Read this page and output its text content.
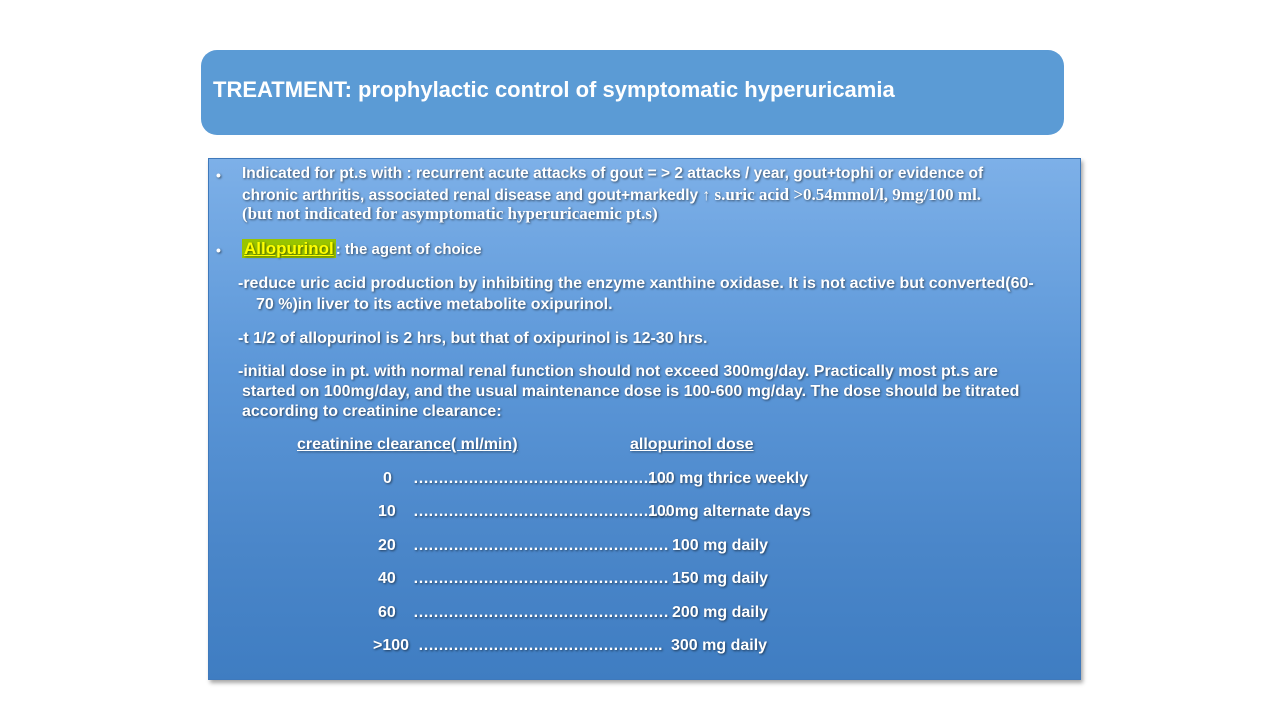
TREATMENT: prophylactic control of symptomatic hyperuricamia
• Indicated for pt.s with : recurrent acute attacks of gout = > 2 attacks / year, gout+tophi or evidence of
chronic arthritis, associated renal disease and gout+markedly ↑ s.uric acid >0.54mmol/l, 9mg/100 ml.
(but not indicated for asymptomatic hyperuricaemic pt.s)
• Allopurinol : the agent of choice
-reduce uric acid production by inhibiting the enzyme xanthine oxidase. It is not active but converted(60-
70 %)in liver to its active metabolite oxipurinol.
-t 1/2 of allopurinol is 2 hrs, but that of oxipurinol is 12-30 hrs.
-initial dose in pt. with normal renal function should not exceed 300mg/day. Practically most pt.s are
started on 100mg/day, and the usual maintenance dose is 100-600 mg/day. The dose should be titrated
according to creatinine clearance:
creatinine clearance( ml/min)	allopurinol dose
0 ……………………………………………
100 mg thrice weekly
10 ……………………………………………
100mg alternate days
20 …………………………………………… 100 mg daily
40 …………………………………………… 150 mg daily
60 …………………………………………… 200 mg daily
>100 …………………………………………. 300 mg daily
